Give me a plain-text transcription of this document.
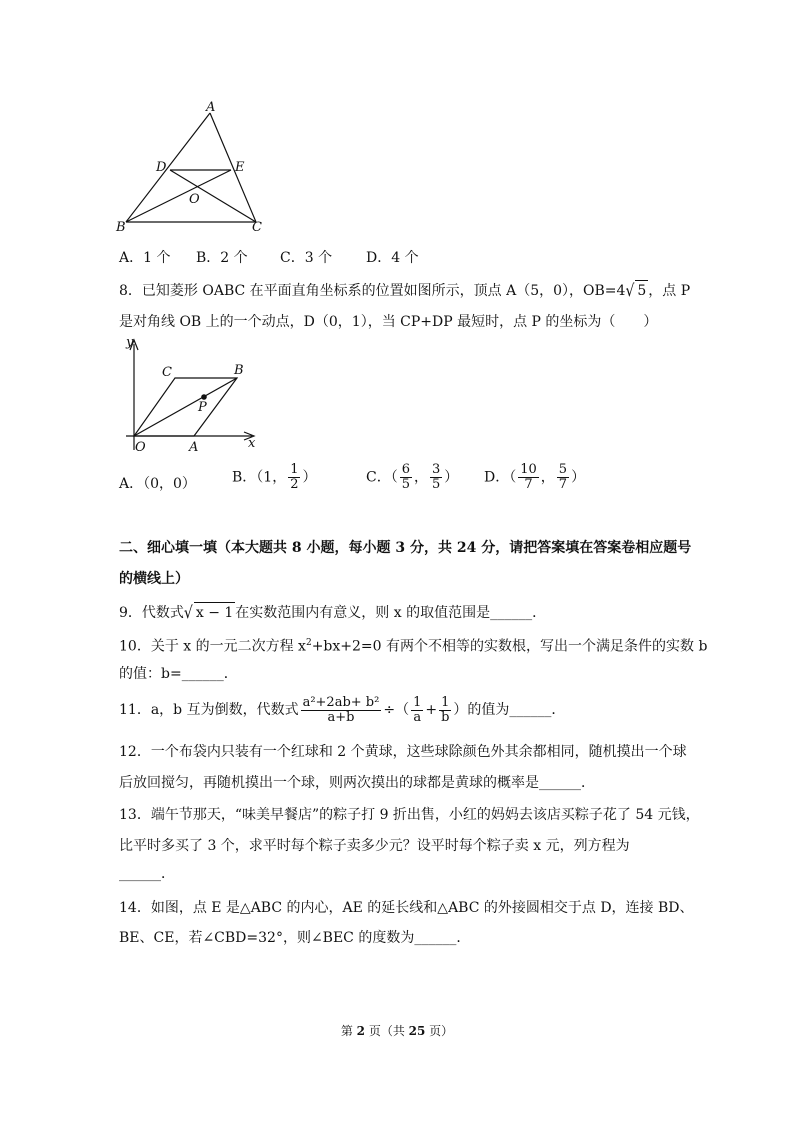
A
D	E
O
B	C
A．1 个 B．2 个 C．3 个 D．4 个
8．已知菱形 OABC 在平面直角坐标系的位置如图所示，顶点 A（5，0），OB=4√ 5 ，点 P
是对角线 OB 上的一个动点，D（0，1），当 CP+DP 最短时，点 P 的坐标为（　　）
y
x
C	B
P
O	A
A．（0，0）	B．（1， $\frac{1}{2}$ ）	C．（ $\frac{6}{5}$ ， $\frac{3}{5}$ ） D．（ $\frac{10}{7}$ ， $\frac{5}{7}$ ）
二、细心填一填（本大题共 8 小题，每小题 3 分，共 24 分，请把答案填在答案卷相应题号
的横线上）
9．代数式√ x − 1 在实数范围内有意义，则 x 的取值范围是______．
10．关于 x 的一元二次方程 $x^2+bx+2=0$ 有两个不相等的实数根，写出一个满足条件的实数 b
的值：b=______．
11．a，b 互为倒数，代数式 $\frac{\text{a²+2ab+ b²}}{a+b}$ ÷（ $\frac{1}{a} + \frac{1}{b}$ ）的值为______．
12．一个布袋内只装有一个红球和 2 个黄球，这些球除颜色外其余都相同，随机摸出一个球
后放回搅匀，再随机摸出一个球，则两次摸出的球都是黄球的概率是______．
13．端午节那天，“味美早餐店”的粽子打 9 折出售，小红的妈妈去该店买粽子花了 54 元钱，
比平时多买了 3 个，求平时每个粽子卖多少元？设平时每个粽子卖 x 元，列方程为
______．
14．如图，点 E 是△ABC 的内心，AE 的延长线和△ABC 的外接圆相交于点 D，连接 BD、
BE、CE，若∠CBD=32°，则∠BEC 的度数为______．
第 2 页（共 25 页）
